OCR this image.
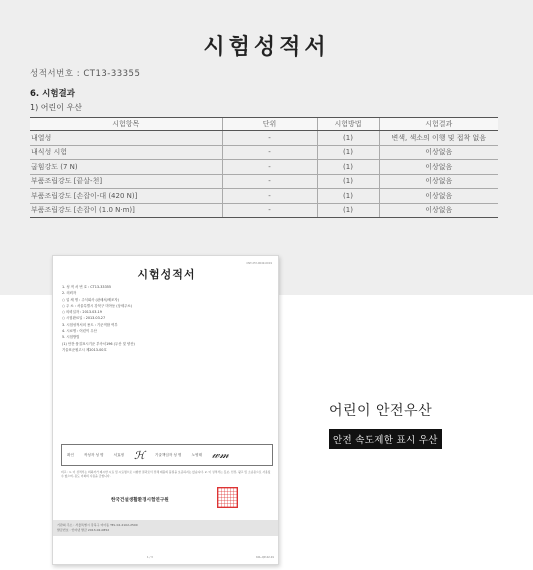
시험성적서
성적서번호 : CT13-33355
6. 시험결과
1) 어린이 우산
시험항목	단위	시험방법	시험결과
내열성	-	(1)	변색, 색소의 이행 및 접착 없음
내식성 시험	-	(1)	이상없음
굽힘강도 (7 N)	-	(1)	이상없음
부품조립강도 [끝살-천]	-	(1)	이상없음
부품조립강도 [손잡이-대 (420 N)]	-	(1)	이상없음
부품조립강도 [손잡이 (1.0 N·m)]	-	(1)	이상없음
CNT-25Y-0049-0019
시험성적서
1. 성 적 서 번 호 : CT13-33355
2. 의뢰자
○ 업 체 명 : 주식회사 (판매처/제조자)
○ 주 소 : 서울특별시 강북구 미아동 (상세주소)
○ 의뢰일자 : 2013.03.19
○ 시험완료일 : 2013.03.27
3. 시험성적서의 용도 : 기준적합 여부
4. 시료명 : 어린이 우산
5. 시험방법
(1) 안전·품질표시기준 부속서196 (우산 및 양산)
기술표준원고시 제2013-00호
확인	작성자 성 명	서효정 ℋ	기술책임자 성 명	노영태 𝓌𝓂
비고 : 1. 이 성적서는 의뢰자가 제시한 시료 및 시료명으로 시험한 결과로서 전체 제품의 품질을 보증하지는 않습니다. 2. 이 성적서는 홍보, 선전, 광고 및 소송용으로 사용될 수 없으며, 용도 이외의 사용을 금합니다.
한국건설생활환경시험연구원
기관의 주소 : 서울특별시 강북구 미아동 TEL 02-2102-2500
발급번호 : 인터넷 발급 2013-02-0852
1 / 3	KCL-QP-22-01
어린이 안전우산
안전 속도제한 표시 우산
